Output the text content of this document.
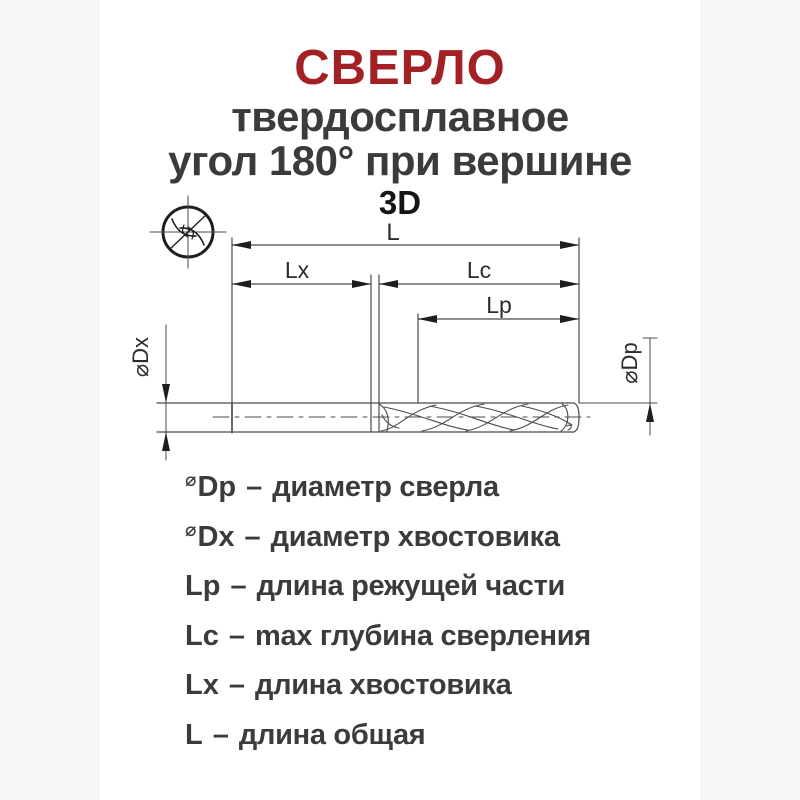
СВЕРЛО
твердосплавное
угол 180° при вершине
3D
L
Lx	Lc
Lp
⌀Dx	⌀Dp
⌀ Dp – диаметр сверла
⌀ Dx – диаметр хвостовика
Lp – длина режущей части
Lc – max глубина сверления
Lx – длина хвостовика
L – длина общая
